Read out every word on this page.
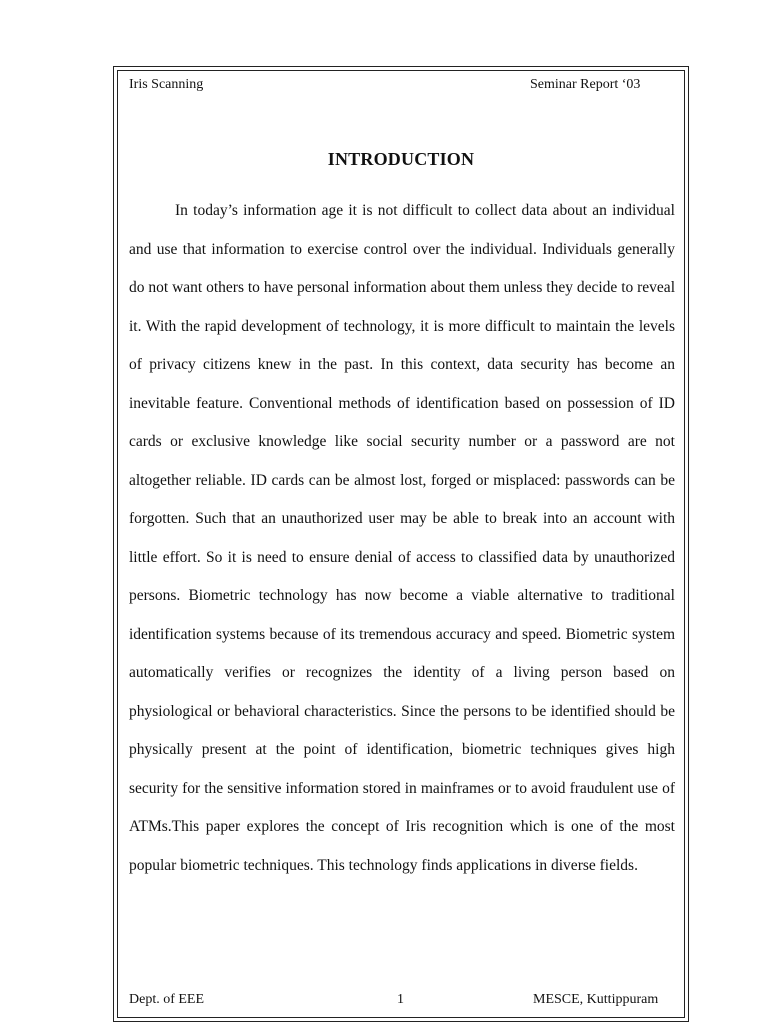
Iris Scanning	Seminar Report ‘03
INTRODUCTION
In today’s information age it is not difficult to collect data about an individual and use that information to exercise control over the individual. Individuals generally do not want others to have personal information about them unless they decide to reveal it. With the rapid development of technology, it is more difficult to maintain the levels of privacy citizens knew in the past. In this context, data security has become an inevitable feature. Conventional methods of identification based on possession of ID cards or exclusive knowledge like social security number or a password are not altogether reliable. ID cards can be almost lost, forged or misplaced: passwords can be forgotten. Such that an unauthorized user may be able to break into an account with little effort. So it is need to ensure denial of access to classified data by unauthorized persons. Biometric technology has now become a viable alternative to traditional identification systems because of its tremendous accuracy and speed. Biometric system automatically verifies or recognizes the identity of a living person based on physiological or behavioral characteristics. Since the persons to be identified should be physically present at the point of identification, biometric techniques gives high security for the sensitive information stored in mainframes or to avoid fraudulent use of ATMs.This paper explores the concept of Iris recognition which is one of the most popular biometric techniques. This technology finds applications in diverse fields.
Dept. of EEE	1	MESCE, Kuttippuram
